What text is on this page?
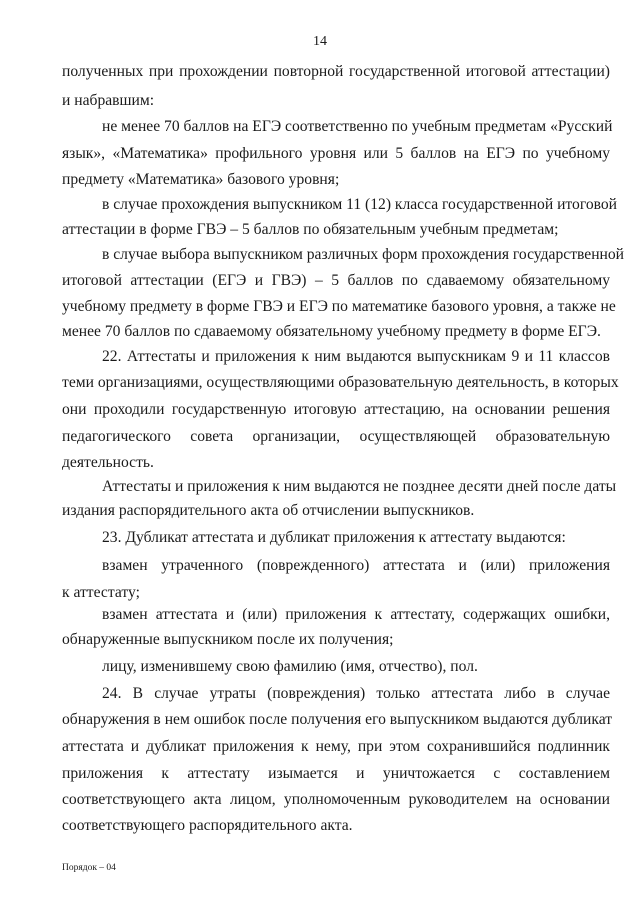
14
полученных при прохождении повторной государственной итоговой аттестации)
и набравшим:
не менее 70 баллов на ЕГЭ соответственно по учебным предметам «Русский
язык», «Математика» профильного уровня или 5 баллов на ЕГЭ по учебному
предмету «Математика» базового уровня;
в случае прохождения выпускником 11 (12) класса государственной итоговой
аттестации в форме ГВЭ – 5 баллов по обязательным учебным предметам;
в случае выбора выпускником различных форм прохождения государственной
итоговой аттестации (ЕГЭ и ГВЭ) – 5 баллов по сдаваемому обязательному
учебному предмету в форме ГВЭ и ЕГЭ по математике базового уровня, а также не
менее 70 баллов по сдаваемому обязательному учебному предмету в форме ЕГЭ.
22. Аттестаты и приложения к ним выдаются выпускникам 9 и 11 классов
теми организациями, осуществляющими образовательную деятельность, в которых
они проходили государственную итоговую аттестацию, на основании решения
педагогического совета организации, осуществляющей образовательную
деятельность.
Аттестаты и приложения к ним выдаются не позднее десяти дней после даты
издания распорядительного акта об отчислении выпускников.
23. Дубликат аттестата и дубликат приложения к аттестату выдаются:
взамен утраченного (поврежденного) аттестата и (или) приложения
к аттестату;
взамен аттестата и (или) приложения к аттестату, содержащих ошибки,
обнаруженные выпускником после их получения;
лицу, изменившему свою фамилию (имя, отчество), пол.
24. В случае утраты (повреждения) только аттестата либо в случае
обнаружения в нем ошибок после получения его выпускником выдаются дубликат
аттестата и дубликат приложения к нему, при этом сохранившийся подлинник
приложения к аттестату изымается и уничтожается с составлением
соответствующего акта лицом, уполномоченным руководителем на основании
соответствующего распорядительного акта.
Порядок – 04
